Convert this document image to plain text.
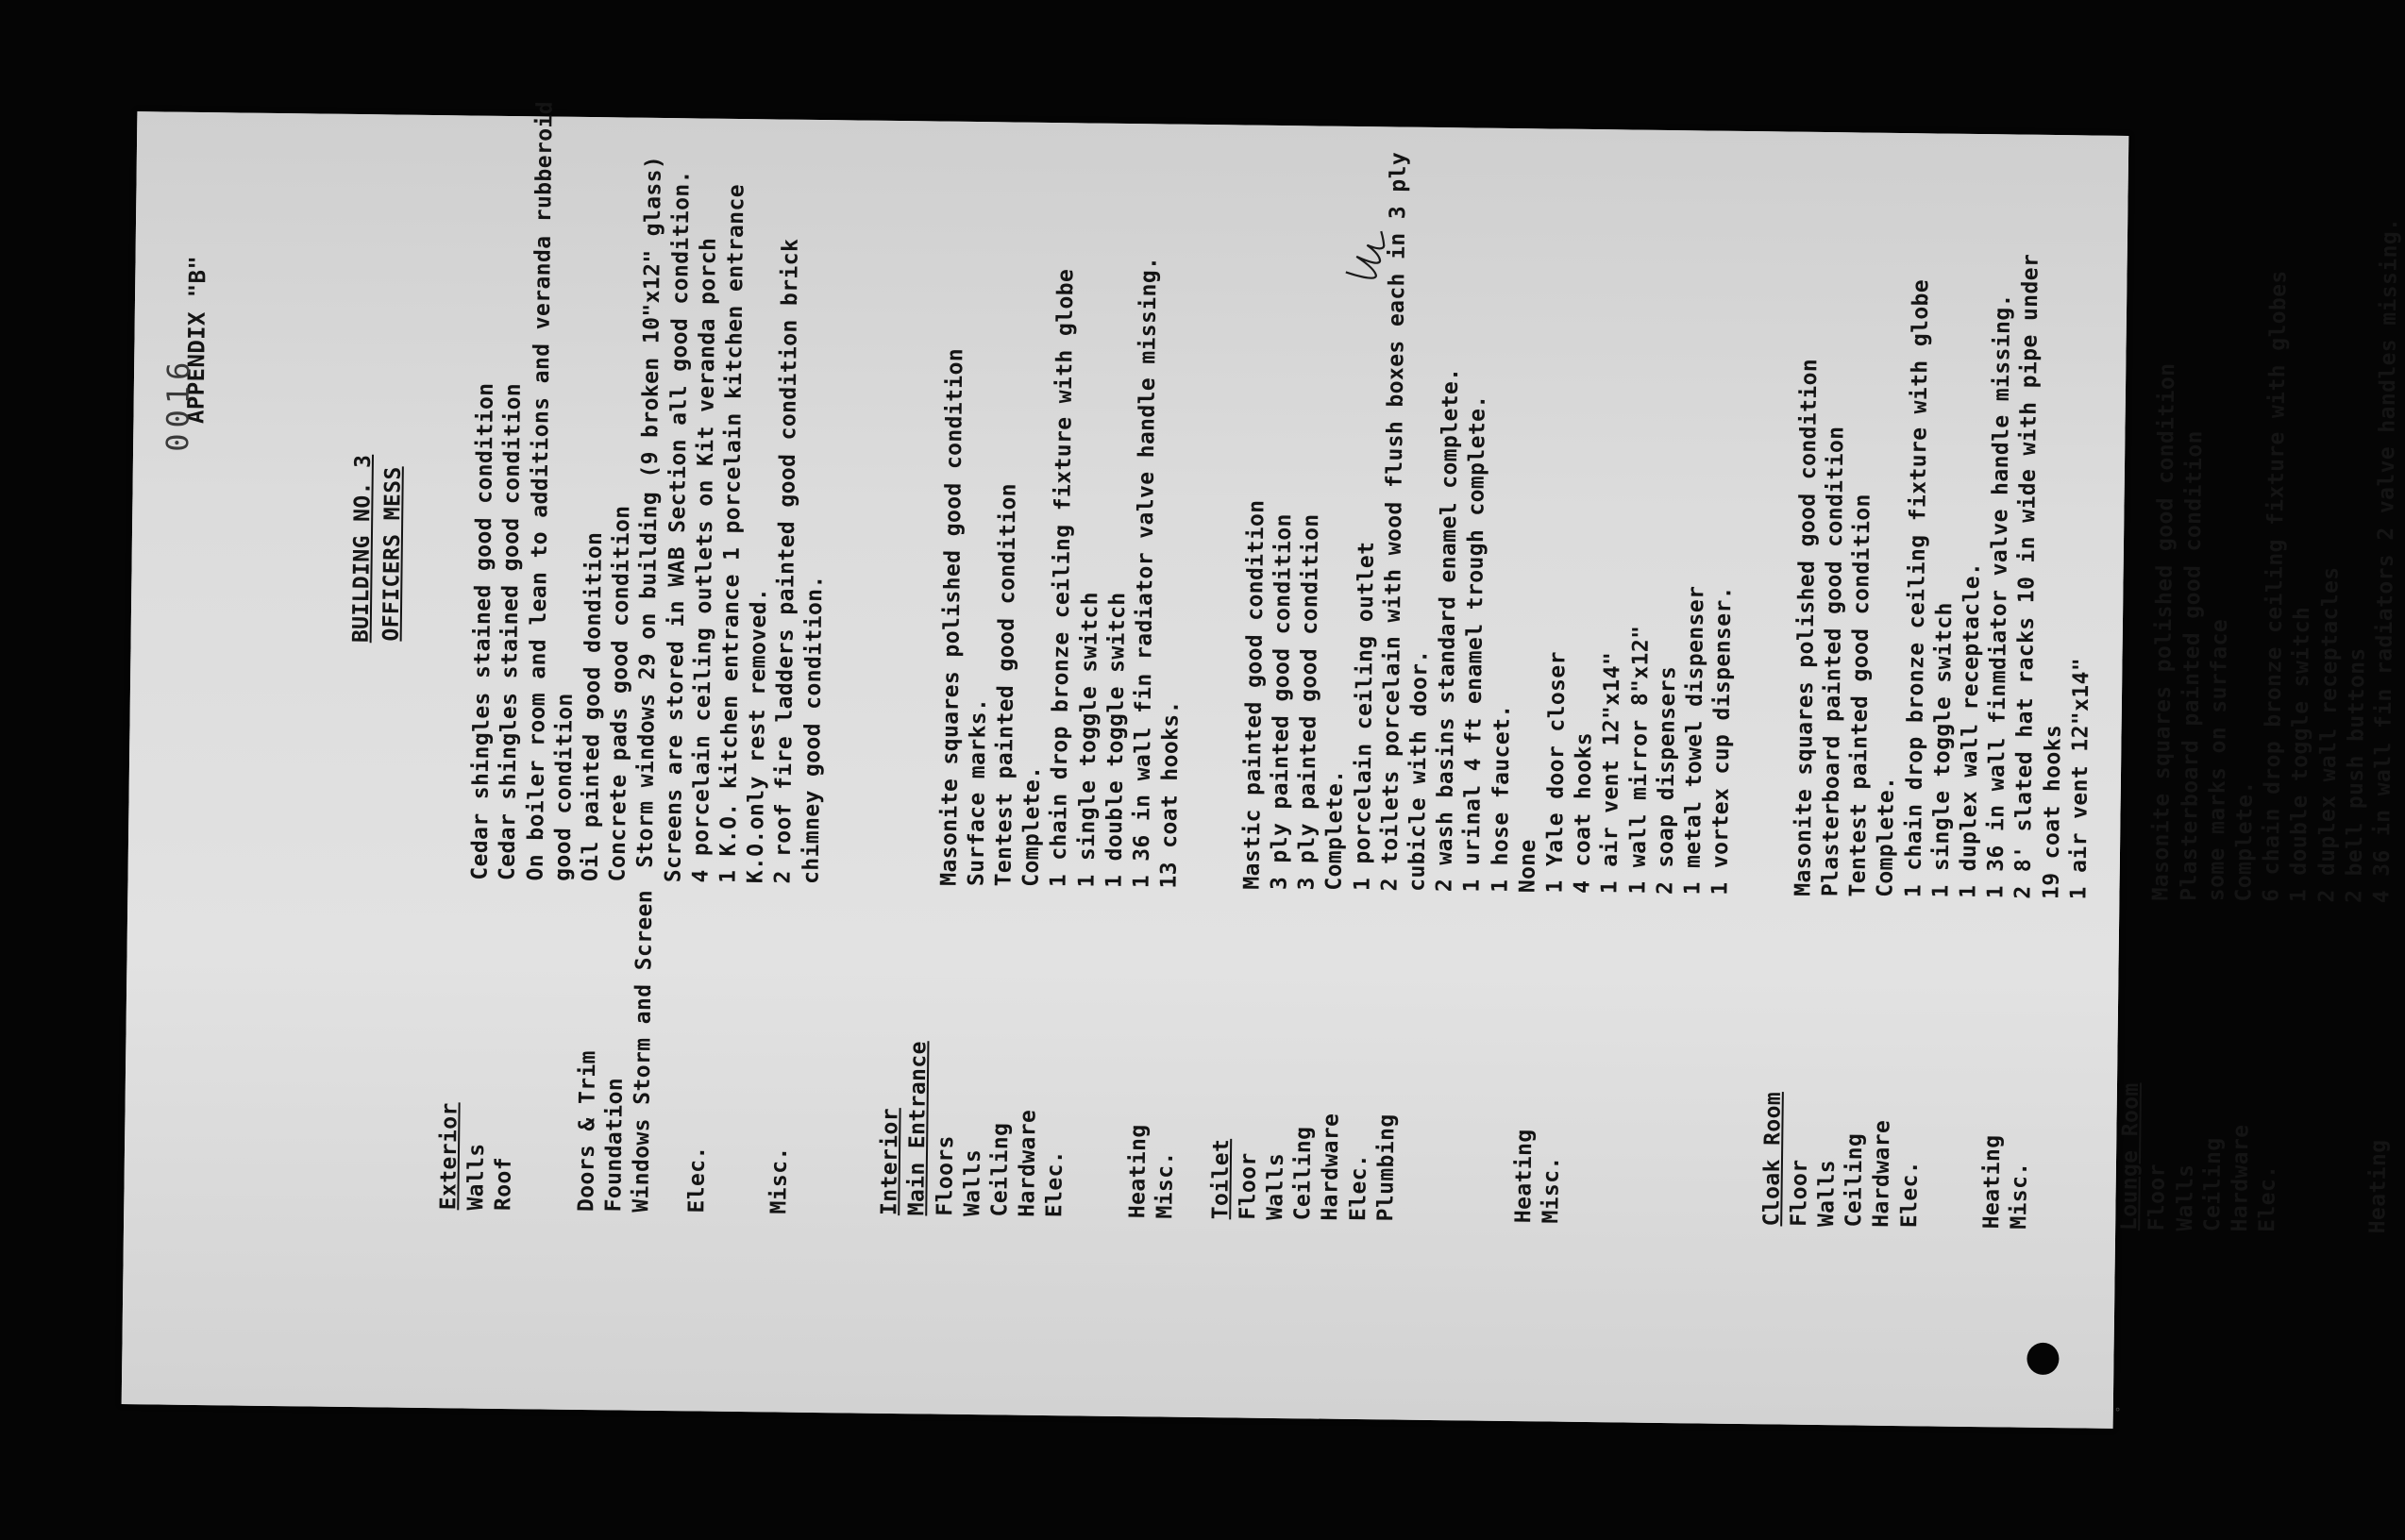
APPENDIX "B"
0016
BUILDING NO. 3 OFFICERS MESS
Exterior Walls
Cedar shingles stained good condition
Roof
Cedar shingles stained good condition
On boiler room and lean to additions and veranda rubberoid
good condition
Doors & Trim
Oil painted good dondition
Foundation
Concrete pads good condition
Windows Storm and Screen
Storm windows 29 on building (9 broken 10"x12" glass)
Screens are stored in WAB Section all good condition.
Elec.
4 porcelain ceiling outlets on Kit veranda porch
1 K.O. kitchen entrance 1 porcelain kitchen entrance
K.O.only rest removed.
Misc.
2 roof fire ladders painted good condition brick
chimney good condition.
Interior Main Entrance Floors
Masonite squares polished good condition
Walls
Surface marks.
Ceiling
Tentest painted good condition
Hardware
Complete.
Elec.
1 chain drop bronze ceiling fixture with globe
1 single toggle switch 1 double toggle switch
Heating
1 36 in wall fin radiator valve handle missing.
Misc.
13 coat hooks.
Toilet Floor
Mastic painted good condition
Walls
3 ply painted good condition
Ceiling
3 ply painted good condition
Hardware
Complete.
Elec.
1 porcelain ceiling outlet
Plumbing
2 toilets porcelain with wood flush boxes each in 3 ply
cubicle with door. 2 wash basins standard enamel complete.
1 urinal 4 ft enamel trough complete.
1 hose faucet.
Heating
None
Misc.
1 Yale door closer 4 coat hooks 1 air vent 12"x14" 1 wall mirror 8"x12" 2 soap dispensers 1 metal towel dispenser 1 vortex cup dispenser.
Cloak Room Floor
Masonite squares polished good condition
Walls
Plasterboard painted good condition
Ceiling
Tentest painted good condition
Hardware
Complete.
Elec.
1 chain drop bronze ceiling fixture with globe
1 single toggle switch 1 duplex wall receptacle.
Heating
1 36 in wall finmdiator valve handle missing.
Misc.
2 8' slated hat racks 10 in wide with pipe under
19 coat hooks 1 air vent 12"x14"
Lounge Room Floor
Masonite squares polished good condition
Walls
Plasterboard painted good condition
Ceiling
some marks on surface
Hardware
Complete.
Elec.
6 chain drop bronze ceiling fixture with globes
1 double toggle switch 2 duplex wall receptacles
2 bell push buttons
Heating
4 36 in wall fin radiators 2 valve handles missing.
°
